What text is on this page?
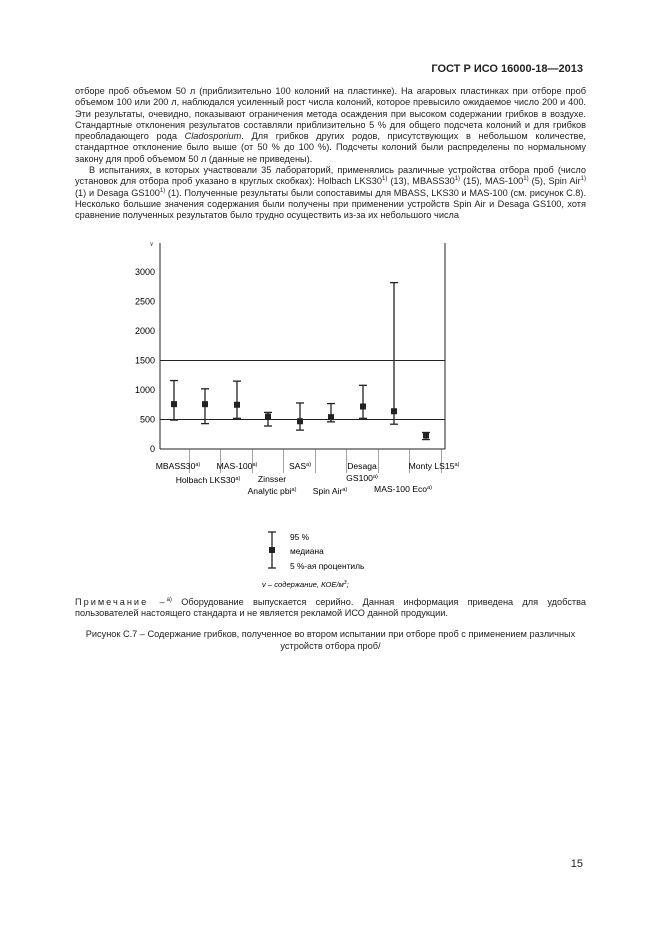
ГОСТ Р ИСО 16000-18—2013

отборе проб объемом 50 л (приблизительно 100 колоний на пластинке). На агаровых пластинках при отборе проб объемом 100 или 200 л, наблюдался усиленный рост числа колоний, которое превысило ожидаемое число 200 и 400. Эти результаты, очевидно, показывают ограничения метода осаждения при высоком содержании грибков в воздухе. Стандартные отклонения результатов составляли приблизительно 5 % для общего подсчета колоний и для грибков преобладающего рода Cladosporium. Для грибков других родов, присутствующих в небольшом количестве, стандартное отклонение было выше (от 50 % до 100 %). Подсчеты колоний были распределены по нормальному закону для проб объемом 50 л (данные не приведены).

В испытаниях, в которых участвовали 35 лабораторий, применялись различные устройства отбора проб (число установок для отбора проб указано в круглых скобках): Holbach LKS30$^{1)}$ (13), MBASS30$^{1)}$ (15), MAS-100$^{1)}$ (5), Spin Air$^{1)}$ (1) и Desaga GS100$^{1)}$ (1). Полученные результаты были сопоставимы для MBASS, LKS30 и MAS-100 (см. рисунок С.8). Несколько большие значения содержания были получены при применении устройств Spin Air и Desaga GS100, хотя сравнение полученных результатов было трудно осуществить из-за их небольшого числа

v
0
500
1000
1500
2000
2500
3000
$MBASS30^{а)}$
Holbach $LKS30^{а)}$
MAS-$100^{а)}$
Zinsser
Analytic pbi$^{а)}$
$SAS^{а)}$
Spin Air$^{а)}$
Desaga
$GS100^{а)}$
MAS-100 Eco$^{а)}$
Monty $LS15^{а)}$
95 %
медиана
5 %-ая процентиль
v – содержание, КОЕ/$м^3$;
Примечание –$^{а)}$ Оборудование выпускается серийно. Данная информация приведена для удобства пользователей настоящего стандарта и не является рекламой ИСО данной продукции.
Рисунок С.7 – Содержание грибков, полученное во втором испытании при отборе проб с применением различных устройств отбора проб/
15
